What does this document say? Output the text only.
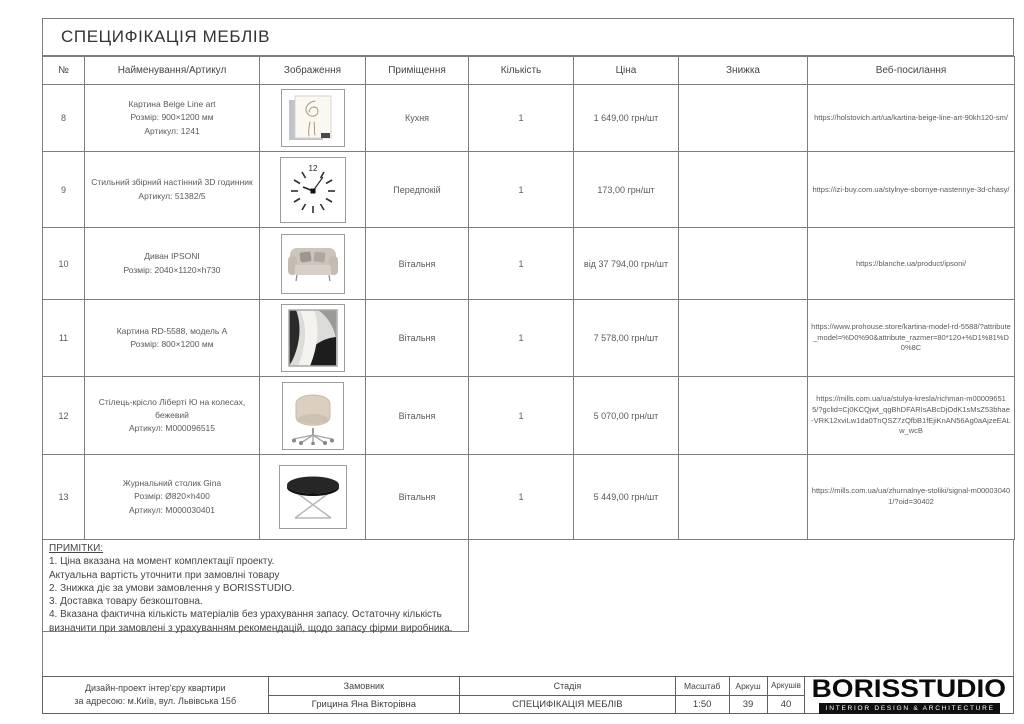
СПЕЦИФІКАЦІЯ МЕБЛІВ
№	Найменування/Артикул	Зображення	Приміщення	Кількість	Ціна	Знижка	Веб-посилання
8	Картина Beige Line art
Розмір: 900×1200 мм
Артикул: 1241		Кухня	1	1 649,00 грн/шт		https://holstovich.art/ua/kartina-beige-line-art-90kh120-sm/
9	Стильний збірний настінний 3D годинник
Артикул: 51382/5	12	Передпокій	1	173,00 грн/шт		https://izi-buy.com.ua/stylnye-sbornye-nastennye-3d-chasy/
10	Диван IPSONI
Розмір: 2040×1120×h730		Вітальня	1	від 37 794,00 грн/шт		https://blanche.ua/product/ipsoni/
11	Картина RD-5588, модель А
Розмір: 800×1200 мм		Вітальня	1	7 578,00 грн/шт		https://www.prohouse.store/kartina-model-rd-5588/?attribute_model=%D0%90&attribute_razmer=80*120+%D1%81%D0%8C
12	Стілець-крісло Ліберті Ю на колесах, бежевий
Артикул: M000096515		Вітальня	1	5 070,00 грн/шт		https://mills.com.ua/ua/stulya-kresla/richman-m000096515/?gclid=Cj0KCQjwt_qgBhDFARIsABcDjOdK1sMsZ53bhae-VRK12xviLw1da0TnQSZ7zQfbB1fEjiKnAN56Ag0aAjzeEALw_wcB
13	Журнальний столик Gina
Розмір: Ø820×h400
Артикул: M000030401		Вітальня	1	5 449,00 грн/шт		https://mills.com.ua/ua/zhurnalnye-stoliki/signal-m000030401/?oid=30402
ПРИМІТКИ:
1. Ціна вказана на момент комплектації проекту.
Актуальна вартість уточнити при замовлні товару
2. Знижка діє за умови замовлення у BORISSTUDIO.
3. Доставка товару безкоштовна.
4. Вказана фактична кількість матеріалів без урахування запасу. Остаточну кількість
визначити при замовлені з урахуванням рекомендацій, щодо запасу фірми виробника.
Дизайн-проект інтер'єру квартири
за адресою: м.Київ, вул. Львівська 15б
Замовник
Грицина Яна Вікторівна
Стадія
СПЕЦИФІКАЦІЯ МЕБЛІВ
Масштаб
1:50
Аркуш
39
Аркушів
40
BORISSTUDIO
INTERIOR DESIGN & ARCHITECTURE
